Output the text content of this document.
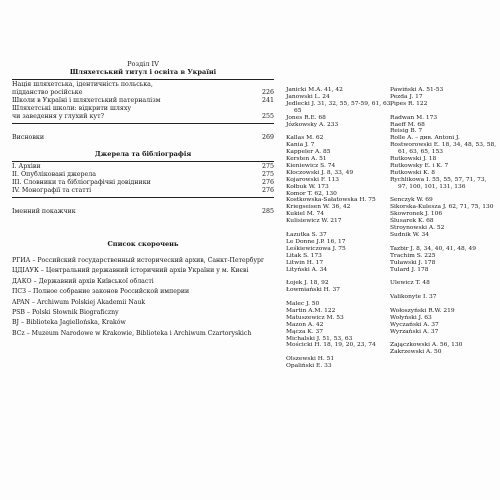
Розділ IV

Шляхетський титул і освіта в Україні

Нація шляхетська, ідентичність польська,
підданство російське	226
Школи в Україні і шляхетський патерналізм	241
Шляхетські школи: відкрити шляху
чи заведення у глухий кут?	255
Висновки	269

Джерела та бібліографія

І. Архіви	275
ІІ. Опубліковані джерела	275
ІІІ. Словники та бібліографічні довідники	276
ІV. Монографії та статті	276
Іменний покажчик	285

Список скорочень

РГИА – Российский государственный исторический архив, Санкт-Петербург
ЦДІАУК – Центральний державний історичний архів України у м. Києві
ДАКО – Державний архів Київської області
ПСЗ – Полное собрание законов Российской империи
APAN – Archiwum Polskiej Akademii Nauk
PSB – Polski Słownik Biograficzny
BJ – Biblioteka Jagiellońska, Kraków
BCz – Muzeum Narodowe w Krakowie, Biblioteka i Archiwum Czartoryskich
Janicki M.A. 41, 42
Janowski L. 24
Jedlecki J. 31, 32, 55, 57-59, 61, 63,
65
Jones R.E. 68
Józkowsky A. 233
Kallas M. 62
Kania J. 7
Kappeler A. 85
Kersten A. 51
Kieniewicz S. 74
Kłoczowski J. 8, 33, 49
Kojarowski F. 113
Kołbuk W. 173
Komor T. 62, 130
Kostkowska-Sałatowska H. 75
Kriegseisen W. 36, 42
Kukiel M. 74
Kulisiewicz W. 217
Łazutka S. 37
Le Donne J.P. 16, 17
Leśkiewiczowa J. 75
Litak S. 173
Litwin H. 17
Lityński A. 34
Łojek J. 18, 92
Łowmiański H. 37
Malec J. 50
Martin A.M. 122
Matuszewicz M. 53
Mazon A. 42
Mącza K. 37
Michalski J. 51, 53, 63
Mościcki H. 18, 19, 20, 23, 74
Olszewski H. 51
Opaliński E. 33
Pawiński A. 51-53
Pezda J. 17
Pipes R. 122
Radwan M. 173
Raeff M. 68
Reisig B. 7
Rolle A. – див. Antoni J.
Rostworowski E. 18, 34, 48, 53, 58,
61, 63, 65, 153
Rutkowski J. 18
Rutkowsky E. i K. 7
Rutkowski K. 8
Rychlikowa I. 55, 55, 57, 71, 73,
97, 100, 101, 131, 136
Senczyk W. 69
Sikorska-Kulesza J. 62, 71, 75, 130
Skowronek J. 106
Ślusarek K. 68
Stroynowski A. 52
Sudnik W. 34
Tazbir J. 8, 34, 40, 41, 48, 49
Trachim S. 225
Tuławski J. 178
Tulard J. 178
Ulewicz T. 48
Valikonyte I. 37
Wołoszyński R.W. 219
Wołyński J. 63
Wyczański A. 37
Wyrzański A. 37
Zajączkowski A. 56, 130
Zakrzewski A. 50
